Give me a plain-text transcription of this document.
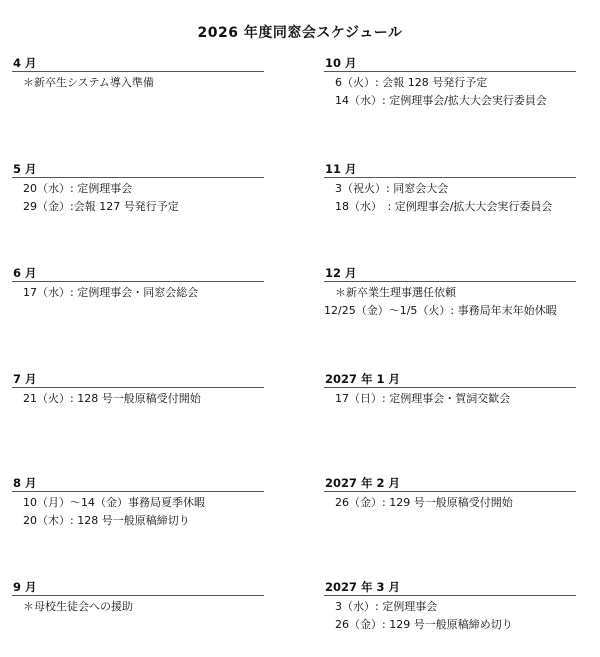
2026 年度同窓会スケジュール
4 月
　＊新卒生システム導入準備
5 月
　20（水）: 定例理事会
　29（金）:会報 127 号発行予定
6 月
　17（水）: 定例理事会・同窓会総会
7 月
　21（火）: 128 号一般原稿受付開始
8 月
　10（月）～14（金）事務局夏季休暇
　20（木）: 128 号一般原稿締切り
9 月
　＊母校生徒会への援助
10 月
　6（火）: 会報 128 号発行予定
　14（水）: 定例理事会/拡大大会実行委員会
11 月
　3（祝火）: 同窓会大会
　18（水）　: 定例理事会/拡大大会実行委員会
12 月
　＊新卒業生理事選任依頼
12/25（金）～1/5（火）: 事務局年末年始休暇
2027 年 1 月
　17（日）: 定例理事会・賀詞交歓会
2027 年 2 月
　26（金）: 129 号一般原稿受付開始
2027 年 3 月
　3（水）: 定例理事会
　26（金）: 129 号一般原稿締め切り
